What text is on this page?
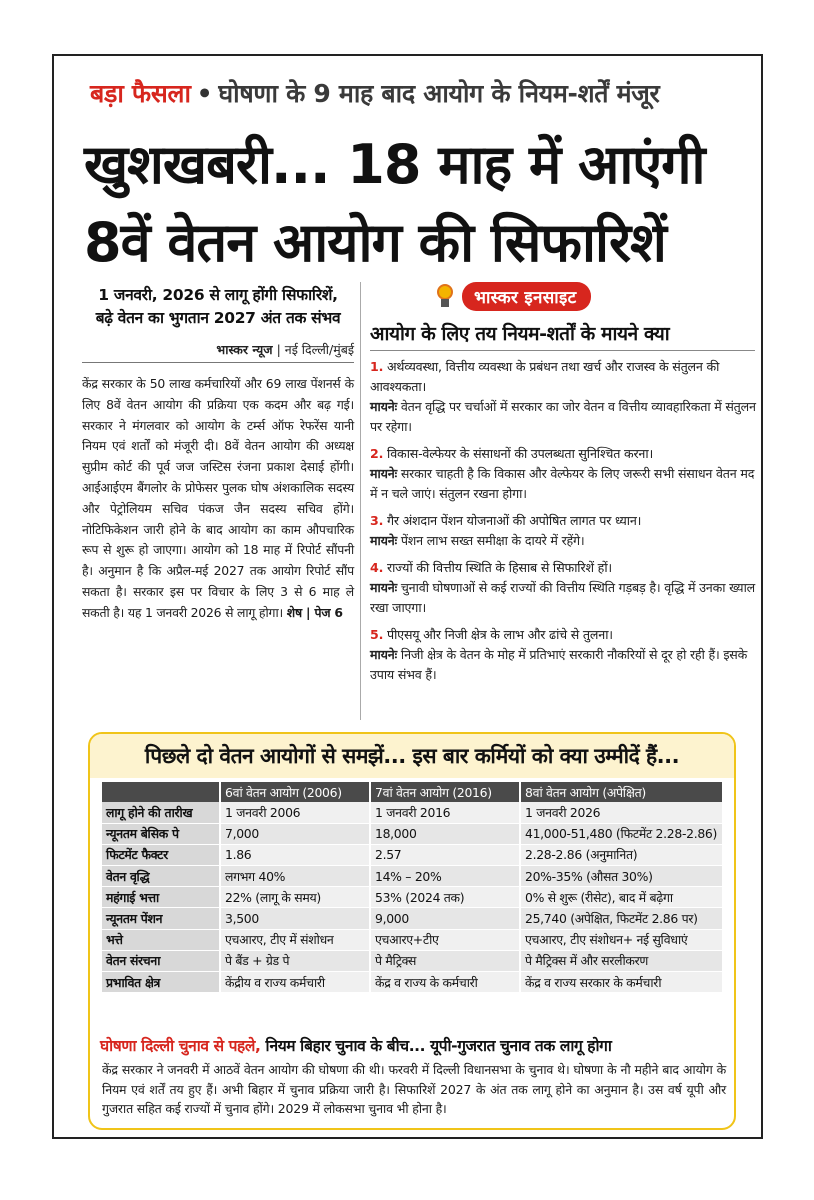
बड़ा फैसला • घोषणा के 9 माह बाद आयोग के नियम-शर्तें मंजूर
खुशखबरी... 18 माह में आएंगी
8वें वेतन आयोग की सिफारिशें
1 जनवरी, 2026 से लागू होंगी सिफारिशें,
बढ़े वेतन का भुगतान 2027 अंत तक संभव
भास्कर न्यूज | नई दिल्ली/मुंबई
केंद्र सरकार के 50 लाख कर्मचारियों और 69 लाख पेंशनर्स के लिए 8वें वेतन आयोग की प्रक्रिया एक कदम और बढ़ गई। सरकार ने मंगलवार को आयोग के टर्म्स ऑफ रेफरेंस यानी नियम एवं शर्तों को मंजूरी दी। 8वें वेतन आयोग की अध्यक्ष सुप्रीम कोर्ट की पूर्व जज जस्टिस रंजना प्रकाश देसाई होंगी। आईआईएम बैंगलोर के प्रोफेसर पुलक घोष अंशकालिक सदस्य और पेट्रोलियम सचिव पंकज जैन सदस्य सचिव होंगे। नोटिफिकेशन जारी होने के बाद आयोग का काम औपचारिक रूप से शुरू हो जाएगा। आयोग को 18 माह में रिपोर्ट सौंपनी है। अनुमान है कि अप्रैल-मई 2027 तक आयोग रिपोर्ट सौंप सकता है। सरकार इस पर विचार के लिए 3 से 6 माह ले सकती है। यह 1 जनवरी 2026 से लागू होगा। शेष | पेज 6
भास्कर इनसाइट
आयोग के लिए तय नियम-शर्तों के मायने क्या
1. अर्थव्यवस्था, वित्तीय व्यवस्था के प्रबंधन तथा खर्च और राजस्व के संतुलन की आवश्यकता।
मायनेः वेतन वृद्धि पर चर्चाओं में सरकार का जोर वेतन व वित्तीय व्यावहारिकता में संतुलन पर रहेगा।
2. विकास-वेल्फेयर के संसाधनों की उपलब्धता सुनिश्चित करना।
मायनेः सरकार चाहती है कि विकास और वेल्फेयर के लिए जरूरी सभी संसाधन वेतन मद में न चले जाएं। संतुलन रखना होगा।
3. गैर अंशदान पेंशन योजनाओं की अपोषित लागत पर ध्यान।
मायनेः पेंशन लाभ सख्त समीक्षा के दायरे में रहेंगे।
4. राज्यों की वित्तीय स्थिति के हिसाब से सिफारिशें हों।
मायनेः चुनावी घोषणाओं से कई राज्यों की वित्तीय स्थिति गड़बड़ है। वृद्धि में उनका ख्याल रखा जाएगा।
5. पीएसयू और निजी क्षेत्र के लाभ और ढांचे से तुलना।
मायनेः निजी क्षेत्र के वेतन के मोह में प्रतिभाएं सरकारी नौकरियों से दूर हो रही हैं। इसके उपाय संभव हैं।
पिछले दो वेतन आयोगों से समझें... इस बार कर्मियों को क्या उम्मीदें हैं...
	6वां वेतन आयोग (2006)	7वां वेतन आयोग (2016)	8वां वेतन आयोग (अपेक्षित)
लागू होने की तारीख	1 जनवरी 2006	1 जनवरी 2016	1 जनवरी 2026
न्यूनतम बेसिक पे	7,000	18,000	41,000-51,480 (फिटमेंट 2.28-2.86)
फिटमेंट फैक्टर	1.86	2.57	2.28-2.86 (अनुमानित)
वेतन वृद्धि	लगभग 40%	14% – 20%	20%-35% (औसत 30%)
महंगाई भत्ता	22% (लागू के समय)	53% (2024 तक)	0% से शुरू (रीसेट), बाद में बढ़ेगा
न्यूनतम पेंशन	3,500	9,000	25,740 (अपेक्षित, फिटमेंट 2.86 पर)
भत्ते	एचआरए, टीए में संशोधन	एचआरए+टीए	एचआरए, टीए संशोधन+ नई सुविधाएं
वेतन संरचना	पे बैंड + ग्रेड पे	पे मैट्रिक्स	पे मैट्रिक्स में और सरलीकरण
प्रभावित क्षेत्र	केंद्रीय व राज्य कर्मचारी	केंद्र व राज्य के कर्मचारी	केंद्र व राज्य सरकार के कर्मचारी
घोषणा दिल्ली चुनाव से पहले, नियम बिहार चुनाव के बीच... यूपी-गुजरात चुनाव तक लागू होगा
केंद्र सरकार ने जनवरी में आठवें वेतन आयोग की घोषणा की थी। फरवरी में दिल्ली विधानसभा के चुनाव थे। घोषणा के नौ महीने बाद आयोग के नियम एवं शर्तें तय हुए हैं। अभी बिहार में चुनाव प्रक्रिया जारी है। सिफारिशें 2027 के अंत तक लागू होने का अनुमान है। उस वर्ष यूपी और गुजरात सहित कई राज्यों में चुनाव होंगे। 2029 में लोकसभा चुनाव भी होना है।
